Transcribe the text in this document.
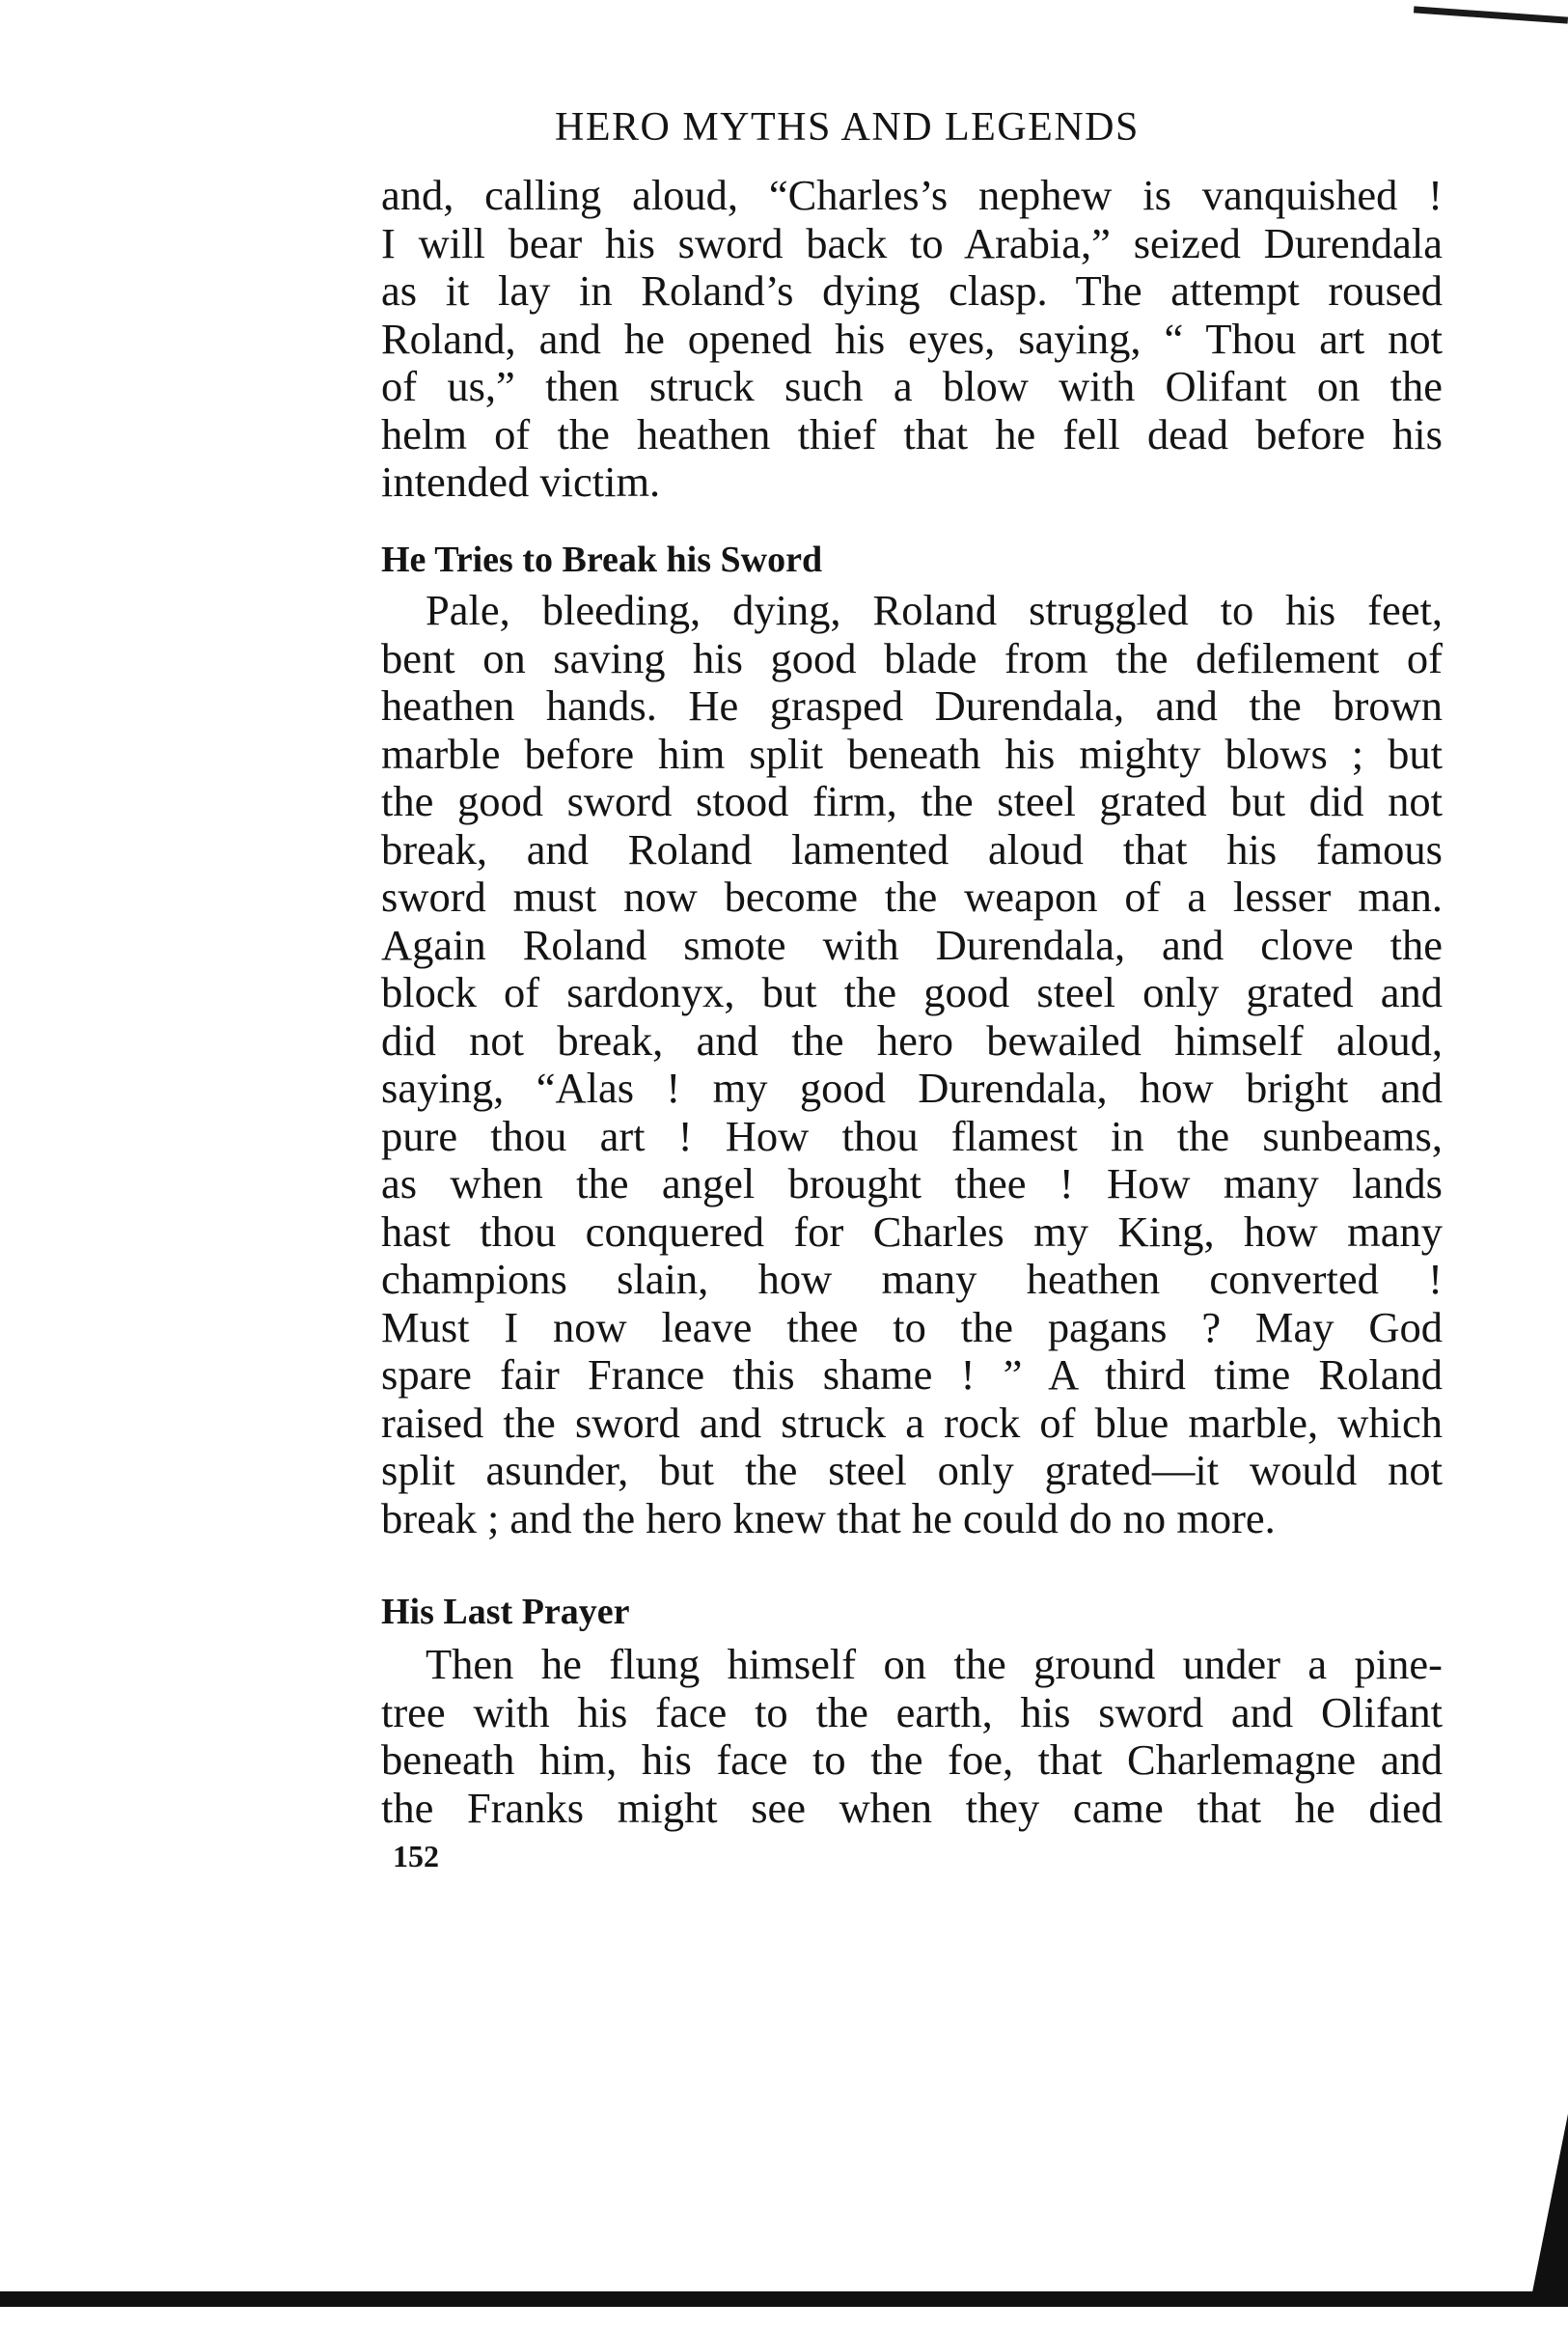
HERO MYTHS AND LEGENDS
and, calling aloud, “Charles’s nephew is vanquished !
I will bear his sword back to Arabia,” seized Durendala
as it lay in Roland’s dying clasp. The attempt roused
Roland, and he opened his eyes, saying, “ Thou art not
of us,” then struck such a blow with Olifant on the
helm of the heathen thief that he fell dead before his
intended victim.
He Tries to Break his Sword
Pale, bleeding, dying, Roland struggled to his feet,
bent on saving his good blade from the defilement of
heathen hands. He grasped Durendala, and the brown
marble before him split beneath his mighty blows ; but
the good sword stood firm, the steel grated but did not
break, and Roland lamented aloud that his famous
sword must now become the weapon of a lesser man.
Again Roland smote with Durendala, and clove the
block of sardonyx, but the good steel only grated and
did not break, and the hero bewailed himself aloud,
saying, “Alas ! my good Durendala, how bright and
pure thou art ! How thou flamest in the sunbeams,
as when the angel brought thee ! How many lands
hast thou conquered for Charles my King, how many
champions slain, how many heathen converted !
Must I now leave thee to the pagans ? May God
spare fair France this shame ! ” A third time Roland
raised the sword and struck a rock of blue marble, which
split asunder, but the steel only grated—it would not
break ; and the hero knew that he could do no more.
His Last Prayer
Then he flung himself on the ground under a pine-
tree with his face to the earth, his sword and Olifant
beneath him, his face to the foe, that Charlemagne and
the Franks might see when they came that he died
152
